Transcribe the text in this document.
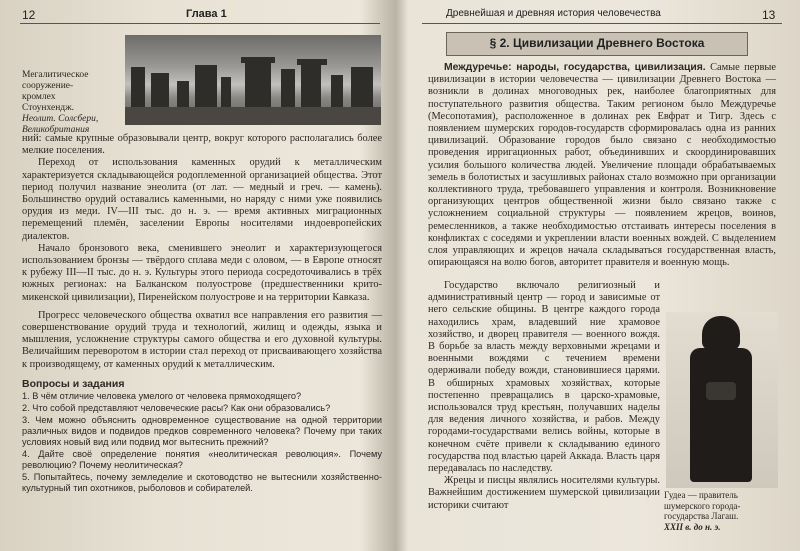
12	Глава 1
Мегалитическое
сооружение-
кромлех
Стоунхендж.
Неолит. Солсбери,
Великобритания

ний: самые крупные образовывали центр, вокруг которого располагались более мелкие поселения.

Переход от использования каменных орудий к металлическим характеризуется складывающейся родоплеменной организацией общества. Этот период получил название энеолита (от лат. — медный и греч. — камень). Большинство орудий оставались каменными, но наряду с ними уже появились орудия из меди. IV—III тыс. до н. э. — время активных миграционных перемещений племён, заселении Европы носителями индоевропейских диалектов.

Начало бронзового века, сменившего энеолит и характеризующегося использованием бронзы — твёрдого сплава меди с оловом, — в Европе относят к рубежу III—II тыс. до н. э. Культуры этого периода сосредоточивались в трёх южных регионах: на Балканском полуострове (предшественники крито-микенской цивилизации), Пиренейском полуострове и на территории Кавказа.

Прогресс человеческого общества охватил все направления его развития — совершенствование орудий труда и технологий, жилищ и одежды, языка и мышления, усложнение структуры самого общества и его духовной культуры. Величайшим переворотом в истории стал переход от присваивающего хозяйства к производящему, от каменных орудий к металлическим.

Вопросы и задания
1. В чём отличие человека умелого от человека прямоходящего?
2. Что собой представляют человеческие расы? Как они образовались?
3. Чем можно объяснить одновременное существование на одной территории различных видов и подвидов предков современного человека? Почему при таких условиях новый вид или подвид мог вытеснить прежний?
4. Дайте своё определение понятия «неолитическая революция». Почему революцию? Почему неолитическая?
5. Попытайтесь, почему земледелие и скотоводство не вытеснили хозяйственно-культурный тип охотников, рыболовов и собирателей.
Древнейшая и древняя история человечества	13
§ 2. Цивилизации Древнего Востока

Междуречье: народы, государства, цивилизация. Самые первые цивилизации в истории человечества — цивилизации Древнего Востока — возникли в долинах многоводных рек, наиболее благоприятных для поступательного развития общества. Таким регионом было Междуречье (Месопотамия), расположенное в долинах рек Евфрат и Тигр. Здесь с появлением шумерских городов-государств сформировалась одна из ранних цивилизаций. Образование городов было связано с необходимостью проведения ирригационных работ, объединивших и скоординировавших усилия большого количества людей. Увеличение площади обрабатываемых земель в болотистых и засушливых районах стало возможно при организации коллективного труда, требовавшего управления и контроля. Возникновение организующих центров общественной жизни было связано также с усложнением социальной структуры — появлением жрецов, воинов, ремесленников, а также необходимостью отстаивать интересы поселения в конфликтах с соседями и укреплении власти военных вождей. С выделением слоя управляющих и жрецов начала складываться государственная власть, опирающаяся на волю богов, авторитет правителя и военную мощь.

Государство включало религиозный и административный центр — город и зависимые от него сельские общины. В центре каждого города находились храм, владевший ние храмовое хозяйство, и дворец правителя — военного вождя. В борьбе за власть между верховными жрецами и военными вождями с течением времени одерживали победу вожди, становившиеся царями. В обширных храмовых хозяйствах, которые постепенно превращались в царско-храмовые, использовался труд крестьян, получавших наделы для ведения личного хозяйства, и рабов. Между городами-государствами велись войны, которые в конечном счёте привели к складыванию единого государства под властью царей Аккада. Власть царя передавалась по наследству.

Жрецы и писцы являлись носителями культуры. Важнейшим достижением шумерской цивилизации историки считают

Гудеа — правитель
шумерского города-
государства Лагаш.
XXII в. до н. э.
